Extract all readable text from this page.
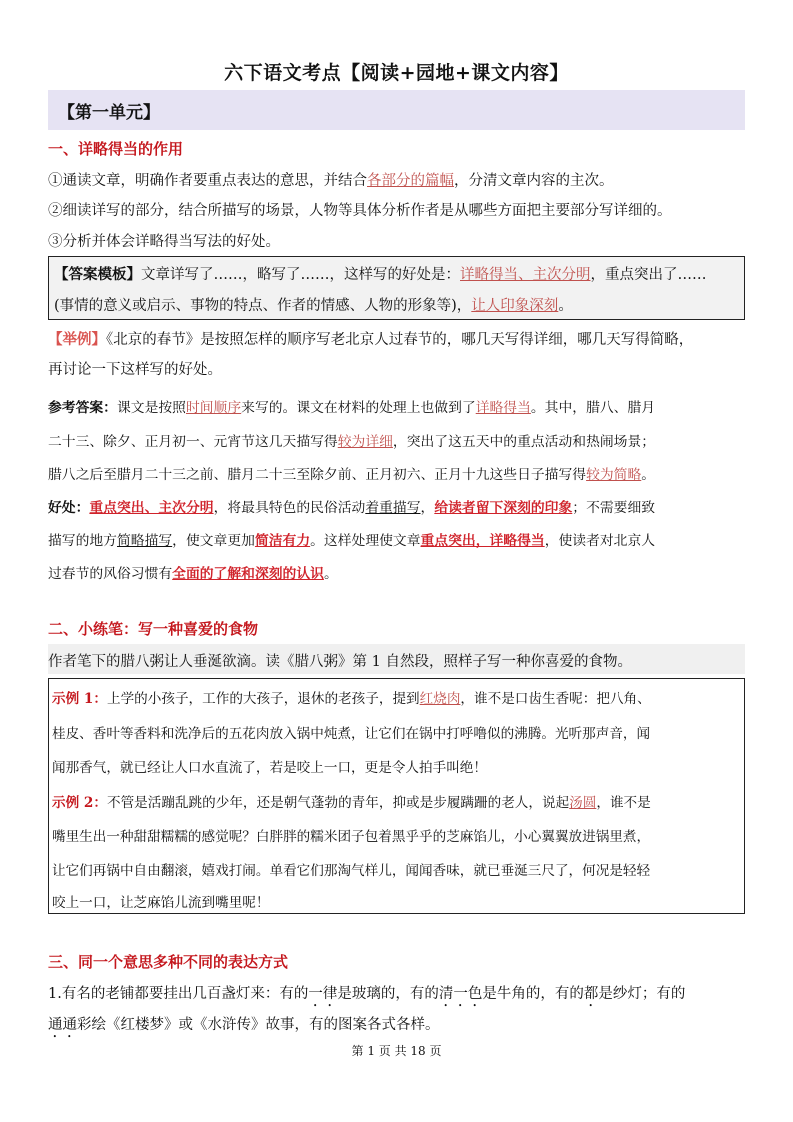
六下语文考点【阅读+园地+课文内容】
【第一单元】
一、详略得当的作用
①通读文章，明确作者要重点表达的意思，并结合各部分的篇幅，分清文章内容的主次。
②细读详写的部分，结合所描写的场景，人物等具体分析作者是从哪些方面把主要部分写详细的。
③分析并体会详略得当写法的好处。
【答案模板】文章详写了……，略写了……，这样写的好处是：详略得当、主次分明，重点突出了……
(事情的意义或启示、事物的特点、作者的情感、人物的形象等)，让人印象深刻。
【举例】《北京的春节》是按照怎样的顺序写老北京人过春节的，哪几天写得详细，哪几天写得简略，
再讨论一下这样写的好处。
参考答案：课文是按照时间顺序来写的。课文在材料的处理上也做到了详略得当。其中，腊八、腊月
二十三、除夕、正月初一、元宵节这几天描写得较为详细，突出了这五天中的重点活动和热闹场景；
腊八之后至腊月二十三之前、腊月二十三至除夕前、正月初六、正月十九这些日子描写得较为简略。
好处：重点突出、主次分明，将最具特色的民俗活动着重描写，给读者留下深刻的印象；不需要细致
描写的地方简略描写，使文章更加简洁有力。这样处理使文章重点突出，详略得当，使读者对北京人
过春节的风俗习惯有全面的了解和深刻的认识。
二、小练笔：写一种喜爱的食物
作者笔下的腊八粥让人垂涎欲滴。读《腊八粥》第 1 自然段，照样子写一种你喜爱的食物。
示例 1：上学的小孩子，工作的大孩子，退休的老孩子，提到红烧肉，谁不是口齿生香呢：把八角、
桂皮、香叶等香料和洗净后的五花肉放入锅中炖煮，让它们在锅中打呼噜似的沸腾。光听那声音，闻
闻那香气，就已经让人口水直流了，若是咬上一口，更是令人拍手叫绝！
示例 2：不管是活蹦乱跳的少年，还是朝气蓬勃的青年，抑或是步履蹒跚的老人，说起汤圆，谁不是
嘴里生出一种甜甜糯糯的感觉呢？白胖胖的糯米团子包着黑乎乎的芝麻馅儿，小心翼翼放进锅里煮，
让它们再锅中自由翻滚，嬉戏打闹。单看它们那淘气样儿，闻闻香味，就已垂涎三尺了，何况是轻轻
咬上一口，让芝麻馅儿流到嘴里呢！
三、同一个意思多种不同的表达方式
1.有名的老铺都要挂出几百盏灯来：有的一律是玻璃的，有的清一色是牛角的，有的都是纱灯；有的
通通彩绘《红楼梦》或《水浒传》故事，有的图案各式各样。
第 1 页 共 18 页
